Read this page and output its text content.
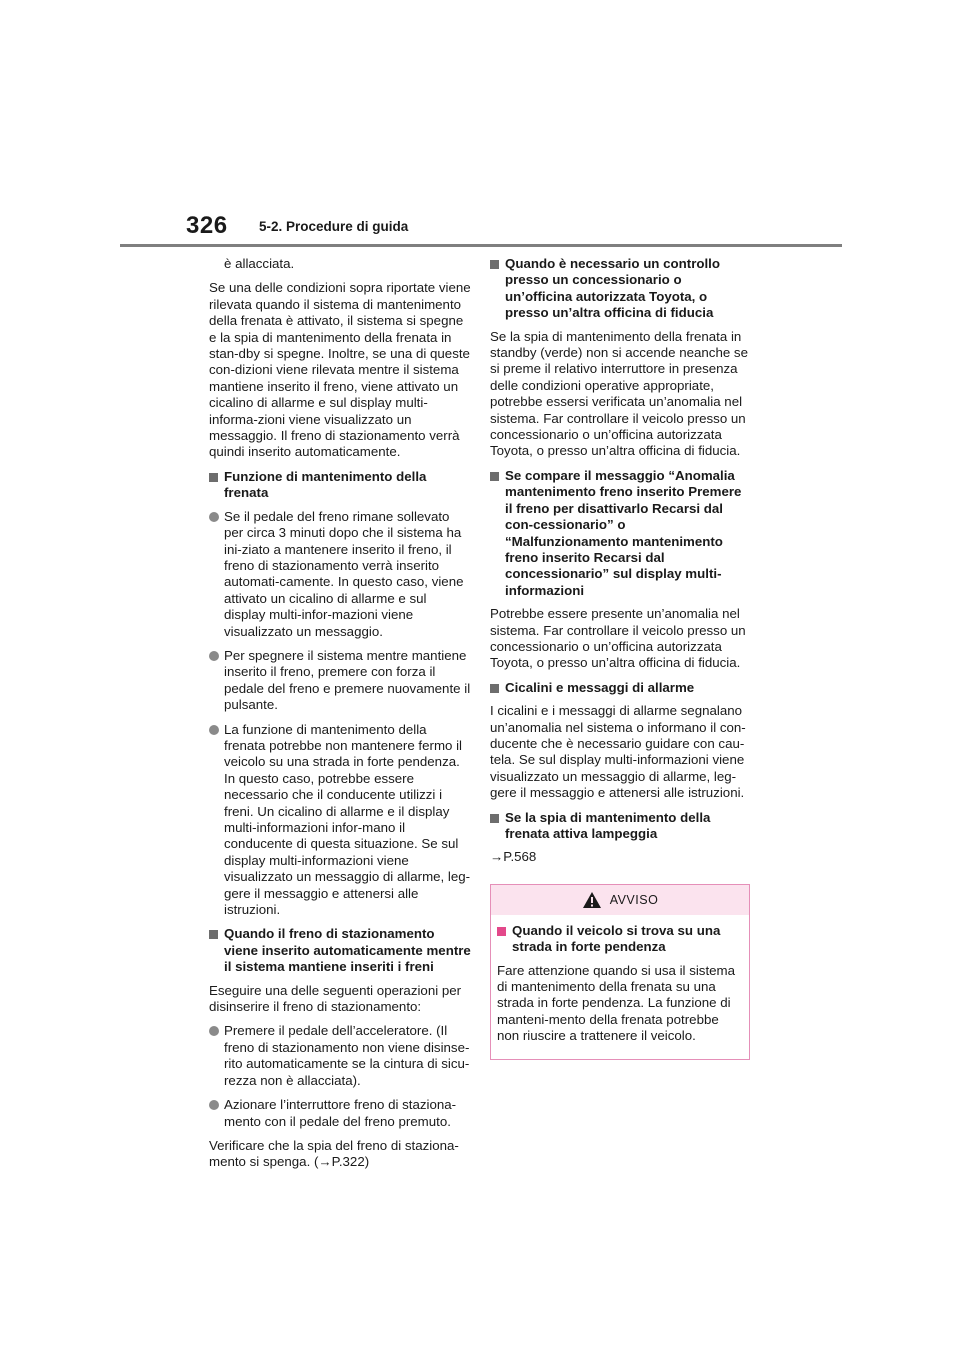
326 5-2. Procedure di guida

è allacciata.

Se una delle condizioni sopra riportate viene rilevata quando il sistema di mantenimento della frenata è attivato, il sistema si spegne e la spia di mantenimento della frenata in stan-dby si spegne. Inoltre, se una di queste con-dizioni viene rilevata mentre il sistema mantiene inserito il freno, viene attivato un cicalino di allarme e sul display multi-informa-zioni viene visualizzato un messaggio. Il freno di stazionamento verrà quindi inserito automaticamente.

Funzione di mantenimento della frenata
Se il pedale del freno rimane sollevato per circa 3 minuti dopo che il sistema ha ini-ziato a mantenere inserito il freno, il freno di stazionamento verrà inserito automati-camente. In questo caso, viene attivato un cicalino di allarme e sul display multi-infor-mazioni viene visualizzato un messaggio.
Per spegnere il sistema mentre mantiene inserito il freno, premere con forza il pedale del freno e premere nuovamente il pulsante.
La funzione di mantenimento della frenata potrebbe non mantenere fermo il veicolo su una strada in forte pendenza. In questo caso, potrebbe essere necessario che il conducente utilizzi i freni. Un cicalino di allarme e il display multi-informazioni infor-mano il conducente di questa situazione. Se sul display multi-informazioni viene visualizzato un messaggio di allarme, leg-gere il messaggio e attenersi alle istruzioni.
Quando il freno di stazionamento viene inserito automaticamente mentre il sistema mantiene inseriti i freni

Eseguire una delle seguenti operazioni per disinserire il freno di stazionamento:

Premere il pedale dell’acceleratore. (Il freno di stazionamento non viene disinse-rito automaticamente se la cintura di sicu-rezza non è allacciata).
Azionare l’interruttore freno di staziona-mento con il pedale del freno premuto.

Verificare che la spia del freno di staziona-mento si spenga. (→P.322)

Quando è necessario un controllo presso un concessionario o un’officina autorizzata Toyota, o presso un’altra officina di fiducia

Se la spia di mantenimento della frenata in standby (verde) non si accende neanche se si preme il relativo interruttore in presenza delle condizioni operative appropriate, potrebbe essersi verificata un’anomalia nel sistema. Far controllare il veicolo presso un concessionario o un’officina autorizzata Toyota, o presso un’altra officina di fiducia.

Se compare il messaggio “Anomalia mantenimento freno inserito Premere il freno per disattivarlo Recarsi dal con-cessionario” o “Malfunzionamento mantenimento freno inserito Recarsi dal concessionario” sul display multi-informazioni

Potrebbe essere presente un’anomalia nel sistema. Far controllare il veicolo presso un concessionario o un’officina autorizzata Toyota, o presso un’altra officina di fiducia.

Cicalini e messaggi di allarme

I cicalini e i messaggi di allarme segnalano un’anomalia nel sistema o informano il con-ducente che è necessario guidare con cau-tela. Se sul display multi-informazioni viene visualizzato un messaggio di allarme, leg-gere il messaggio e attenersi alle istruzioni.

Se la spia di mantenimento della frenata attiva lampeggia

→P.568

AVVISO
Quando il veicolo si trova su una strada in forte pendenza

Fare attenzione quando si usa il sistema di mantenimento della frenata su una strada in forte pendenza. La funzione di manteni-mento della frenata potrebbe non riuscire a trattenere il veicolo.
